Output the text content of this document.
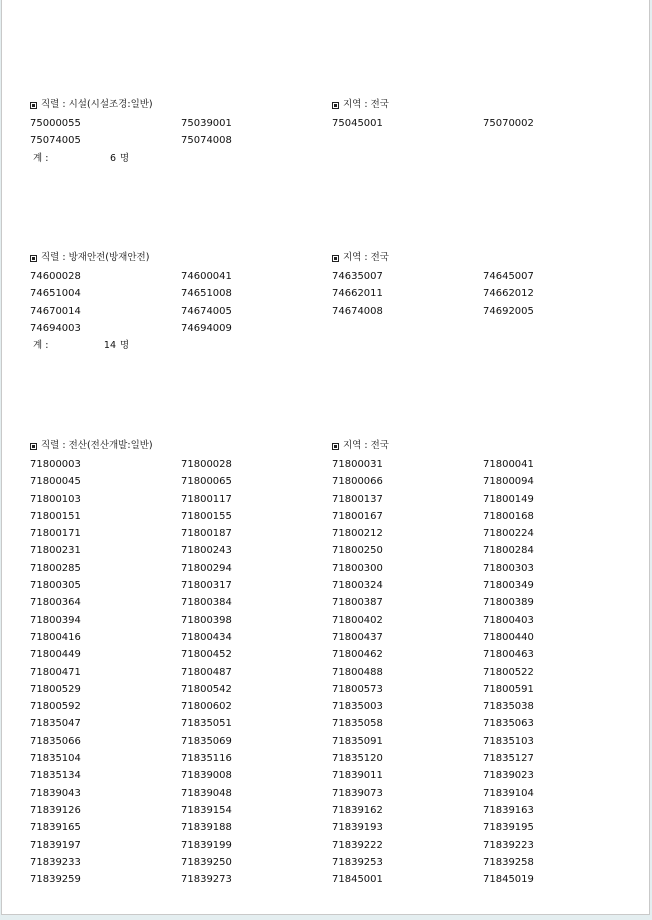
직렬 : 시설(시설조경:일반)	지역 : 전국
75000055	75039001	75045001	75070002
75074005	75074008
계 :	6 명
직렬 : 방재안전(방재안전)	지역 : 전국
74600028	74600041	74635007	74645007
74651004	74651008	74662011	74662012
74670014	74674005	74674008	74692005
74694003	74694009
계 :	14 명
직렬 : 전산(전산개발:일반)	지역 : 전국
71800003	71800028	71800031	71800041
71800045	71800065	71800066	71800094
71800103	71800117	71800137	71800149
71800151	71800155	71800167	71800168
71800171	71800187	71800212	71800224
71800231	71800243	71800250	71800284
71800285	71800294	71800300	71800303
71800305	71800317	71800324	71800349
71800364	71800384	71800387	71800389
71800394	71800398	71800402	71800403
71800416	71800434	71800437	71800440
71800449	71800452	71800462	71800463
71800471	71800487	71800488	71800522
71800529	71800542	71800573	71800591
71800592	71800602	71835003	71835038
71835047	71835051	71835058	71835063
71835066	71835069	71835091	71835103
71835104	71835116	71835120	71835127
71835134	71839008	71839011	71839023
71839043	71839048	71839073	71839104
71839126	71839154	71839162	71839163
71839165	71839188	71839193	71839195
71839197	71839199	71839222	71839223
71839233	71839250	71839253	71839258
71839259	71839273	71845001	71845019
